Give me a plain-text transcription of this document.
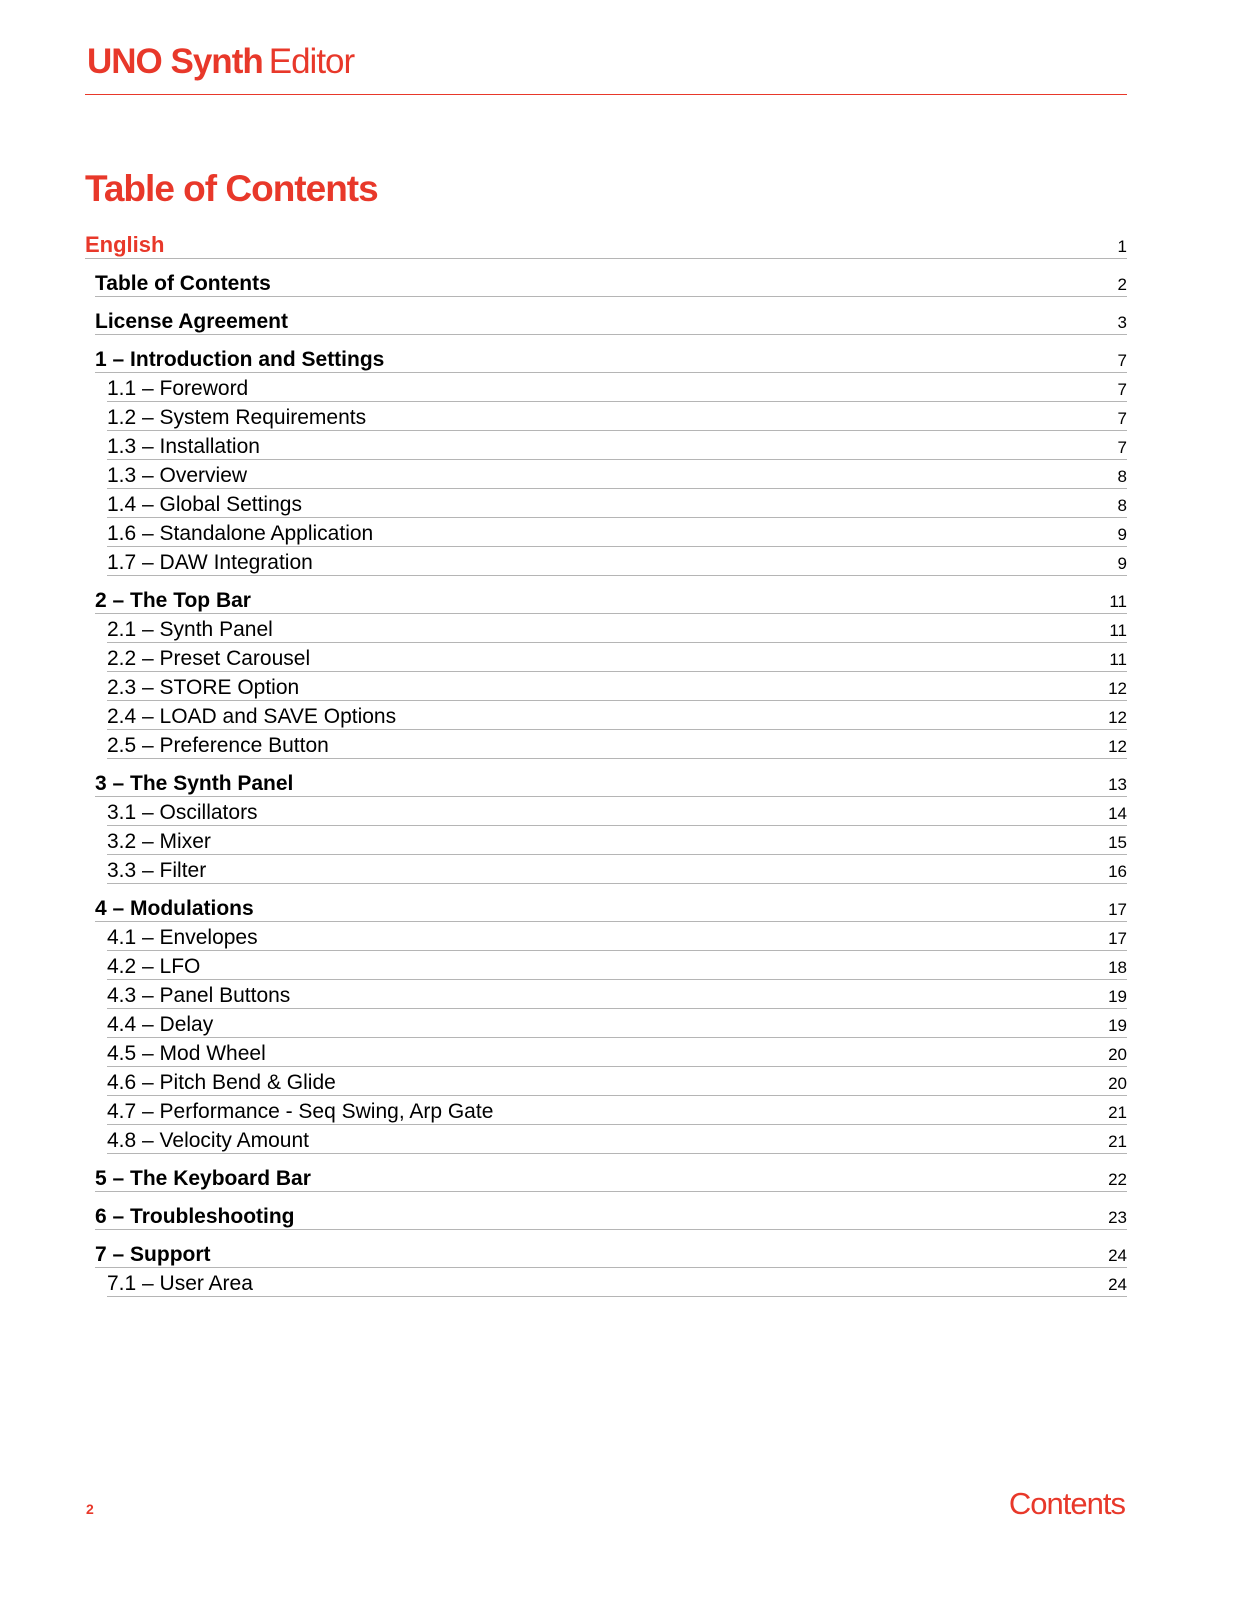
UNO Synth Editor
Table of Contents
English	1
Table of Contents	2
License Agreement	3
1 – Introduction and Settings	7
1.1 – Foreword	7
1.2 – System Requirements	7
1.3 – Installation	7
1.3 – Overview	8
1.4 – Global Settings	8
1.6 – Standalone Application	9
1.7 – DAW Integration	9
2 – The Top Bar	11
2.1 – Synth Panel	11
2.2 – Preset Carousel	11
2.3 – STORE Option	12
2.4 – LOAD and SAVE Options	12
2.5 – Preference Button	12
3 – The Synth Panel	13
3.1 – Oscillators	14
3.2 – Mixer	15
3.3 – Filter	16
4 – Modulations	17
4.1 – Envelopes	17
4.2 – LFO	18
4.3 – Panel Buttons	19
4.4 – Delay	19
4.5 – Mod Wheel	20
4.6 – Pitch Bend & Glide	20
4.7 – Performance - Seq Swing, Arp Gate	21
4.8 – Velocity Amount	21
5 – The Keyboard Bar	22
6 – Troubleshooting	23
7 – Support	24
7.1 – User Area	24
2	Contents
